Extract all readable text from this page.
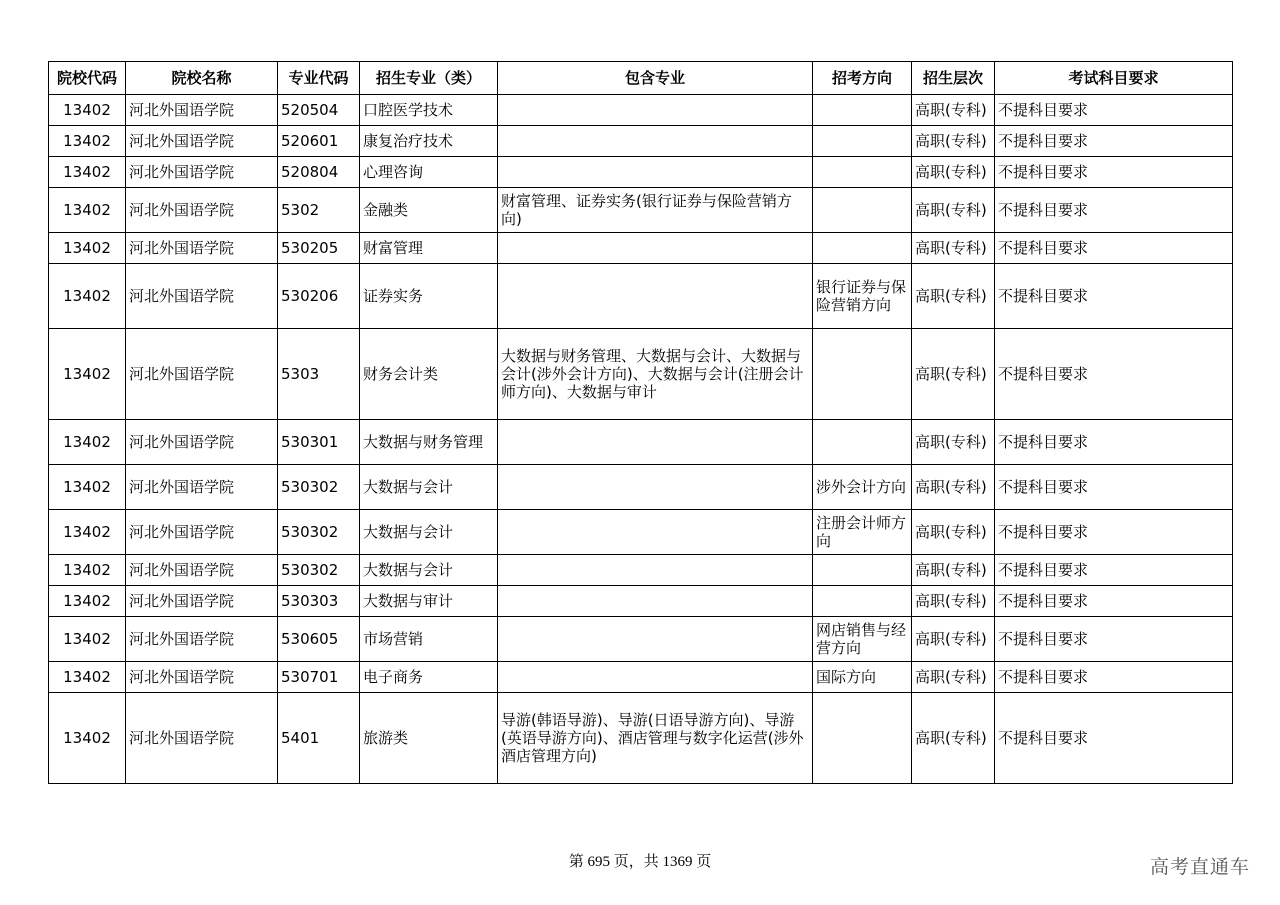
院校代码	院校名称	专业代码	招生专业（类）	包含专业	招考方向	招生层次	考试科目要求
13402	河北外国语学院	520504	口腔医学技术			高职(专科)	不提科目要求
13402	河北外国语学院	520601	康复治疗技术			高职(专科)	不提科目要求
13402	河北外国语学院	520804	心理咨询			高职(专科)	不提科目要求
13402	河北外国语学院	5302	金融类	财富管理、证券实务(银行证券与保险营销方向)		高职(专科)	不提科目要求
13402	河北外国语学院	530205	财富管理			高职(专科)	不提科目要求
13402	河北外国语学院	530206	证券实务		银行证券与保险营销方向	高职(专科)	不提科目要求
13402	河北外国语学院	5303	财务会计类	大数据与财务管理、大数据与会计、大数据与会计(涉外会计方向)、大数据与会计(注册会计师方向)、大数据与审计		高职(专科)	不提科目要求
13402	河北外国语学院	530301	大数据与财务管理			高职(专科)	不提科目要求
13402	河北外国语学院	530302	大数据与会计		涉外会计方向	高职(专科)	不提科目要求
13402	河北外国语学院	530302	大数据与会计		注册会计师方向	高职(专科)	不提科目要求
13402	河北外国语学院	530302	大数据与会计			高职(专科)	不提科目要求
13402	河北外国语学院	530303	大数据与审计			高职(专科)	不提科目要求
13402	河北外国语学院	530605	市场营销		网店销售与经营方向	高职(专科)	不提科目要求
13402	河北外国语学院	530701	电子商务		国际方向	高职(专科)	不提科目要求
13402	河北外国语学院	5401	旅游类	导游(韩语导游)、导游(日语导游方向)、导游(英语导游方向)、酒店管理与数字化运营(涉外酒店管理方向)		高职(专科)	不提科目要求
第 695 页，共 1369 页	高考直通车
